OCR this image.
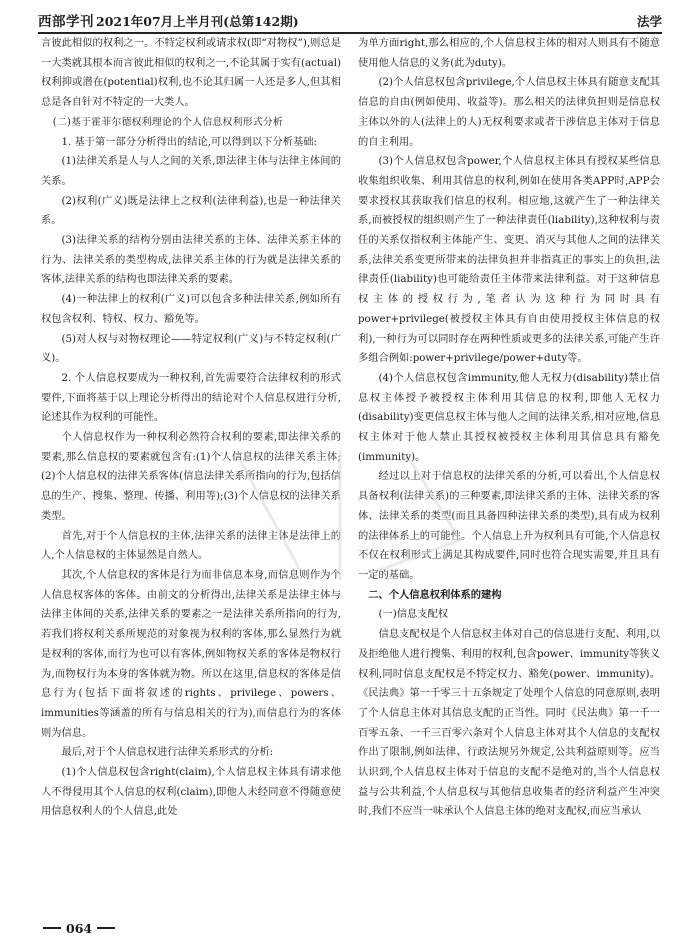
西部学刊 2021年07月上半月刊(总第142期)	法学

言彼此相似的权利之一。不特定权利或请求权(即“对物权”),则总是一大类就其根本而言彼此相似的权利之一,不论其属于实有(actual)权利抑或潜在(potential)权利,也不论其归属一人还是多人,但其相总是各自针对不特定的一大类人。

(二)基于霍菲尔德权利理论的个人信息权利形式分析

1. 基于第一部分分析得出的结论,可以得到以下分析基础:

(1)法律关系是人与人之间的关系,即法律主体与法律主体间的关系。

(2)权利(广义)既是法律上之权利(法律利益),也是一种法律关系。

(3)法律关系的结构分别由法律关系的主体、法律关系主体的行为、法律关系的类型构成,法律关系主体的行为就是法律关系的客体,法律关系的结构也即法律关系的要素。

(4)一种法律上的权利(广义)可以包含多种法律关系,例如所有权包含权利、特权、权力、豁免等。

(5)对人权与对物权理论——特定权利(广义)与不特定权利(广义)。

2. 个人信息权要成为一种权利,首先需要符合法律权利的形式要件,下面将基于以上理论分析得出的结论对个人信息权进行分析,论述其作为权利的可能性。

个人信息权作为一种权利必然符合权利的要素,即法律关系的要素,那么信息权的要素就包含有:(1)个人信息权的法律关系主体;(2)个人信息权的法律关系客体(信息法律关系所指向的行为,包括信息的生产、搜集、整理、传播、利用等);(3)个人信息权的法律关系类型。

首先,对于个人信息权的主体,法律关系的法律主体是法律上的人,个人信息权的主体显然是自然人。

其次,个人信息权的客体是行为而非信息本身,而信息则作为个人信息权客体的客体。由前文的分析得出,法律关系是法律主体与法律主体间的关系,法律关系的要素之一是法律关系所指向的行为,若我们将权利关系所规范的对象视为权利的客体,那么显然行为就是权利的客体,而行为也可以有客体,例如物权关系的客体是物权行为,而物权行为本身的客体就为物。所以在这里,信息权的客体是信息行为(包括下面将叙述的rights、privilege、powers、immunities等涵盖的所有与信息相关的行为),而信息行为的客体则为信息。

最后,对于个人信息权进行法律关系形式的分析:

(1)个人信息权包含right(claim),个人信息权主体具有请求他人不得侵用其个人信息的权利(claim),即他人未经同意不得随意使用信息权利人的个人信息,此处

为单方面right,那么相应的,个人信息权主体的相对人则具有不随意使用他人信息的义务(此为duty)。

(2)个人信息权包含privilege,个人信息权主体具有随意支配其信息的自由(例如使用、收益等)。那么相关的法律负担则是信息权主体以外的人(法律上的人)无权利要求或者干涉信息主体对于信息的自主利用。

(3)个人信息权包含power,个人信息权主体具有授权某些信息收集组织收集、利用其信息的权利,例如在使用各类APP时,APP会要求授权其获取我们信息的权利。相应地,这就产生了一种法律关系,而被授权的组织则产生了一种法律责任(liability),这种权利与责任的关系仅指权利主体能产生、变更、消灭与其他人之间的法律关系,法律关系变更所带来的法律负担并非指真正的事实上的负担,法律责任(liability)也可能给责任主体带来法律利益。对于这种信息权主体的授权行为,笔者认为这种行为同时具有power+privilege(被授权主体具有自由使用授权主体信息的权利),一种行为可以同时存在两种性质或更多的法律关系,可能产生许多组合例如:power+privilege/power+duty等。

(4)个人信息权包含immunity,他人无权力(disability)禁止信息权主体授予被授权主体利用其信息的权利,即他人无权力(disability)变更信息权主体与他人之间的法律关系,相对应地,信息权主体对于他人禁止其授权被授权主体利用其信息具有豁免(immunity)。

经过以上对于信息权的法律关系的分析,可以看出,个人信息权具备权利(法律关系)的三种要素,即法律关系的主体、法律关系的客体、法律关系的类型(而且具备四种法律关系的类型),具有成为权利的法律体系上的可能性。个人信息上升为权利具有可能,个人信息权不仅在权利形式上满足其构成要件,同时也符合现实需要,并且具有一定的基础。

二、个人信息权利体系的建构

(一)信息支配权

信息支配权是个人信息权主体对自己的信息进行支配、利用,以及拒绝他人进行搜集、利用的权利,包含power、immunity等狭义权利,同时信息支配权是不特定权力、豁免(power、immunity)。《民法典》第一千零三十五条规定了处理个人信息的同意原则,表明了个人信息主体对其信息支配的正当性。同时《民法典》第一千一百零五条、一千三百零六条对个人信息主体对其个人信息的支配权作出了限制,例如法律、行政法规另外规定,公共利益原则等。应当认识到,个人信息权主体对于信息的支配不是绝对的,当个人信息权益与公共利益,个人信息权与其他信息收集者的经济利益产生冲突时,我们不应当一味承认个人信息主体的绝对支配权,而应当承认

064
